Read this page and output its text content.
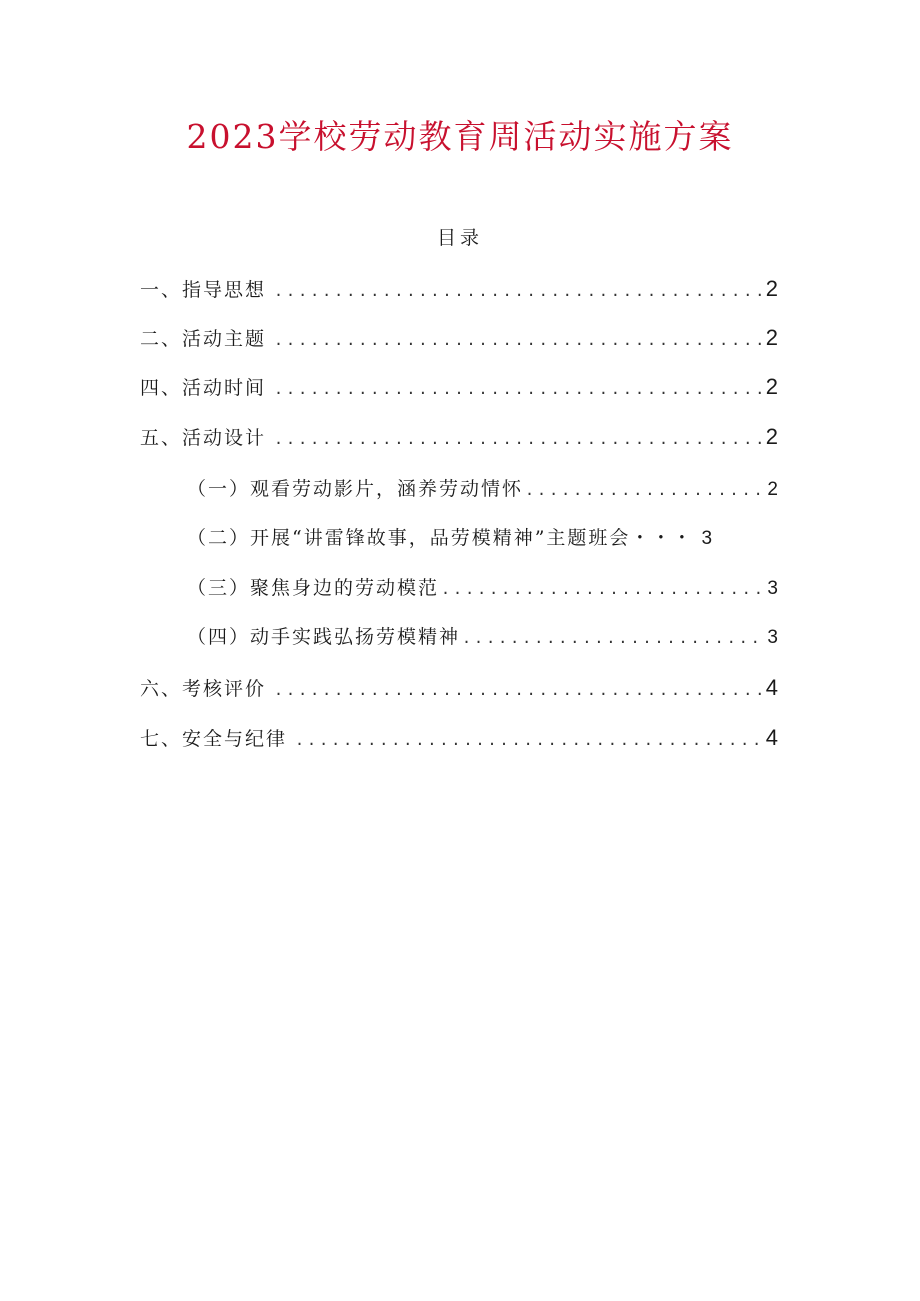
2023学校劳动教育周活动实施方案
目录
一、指导思想 .....	2
二、活动主题 .....	2
四、活动时间 .....	2
五、活动设计 .....	2
（一）观看劳动影片，涵养劳动情怀 .....	2
（二）开展“讲雷锋故事，品劳模精神”主题班会・・・ 3
（三）聚焦身边的劳动模范 .....	3
（四）动手实践弘扬劳模精神 .....	3
六、考核评价 .....	4
七、安全与纪律 .....	4
